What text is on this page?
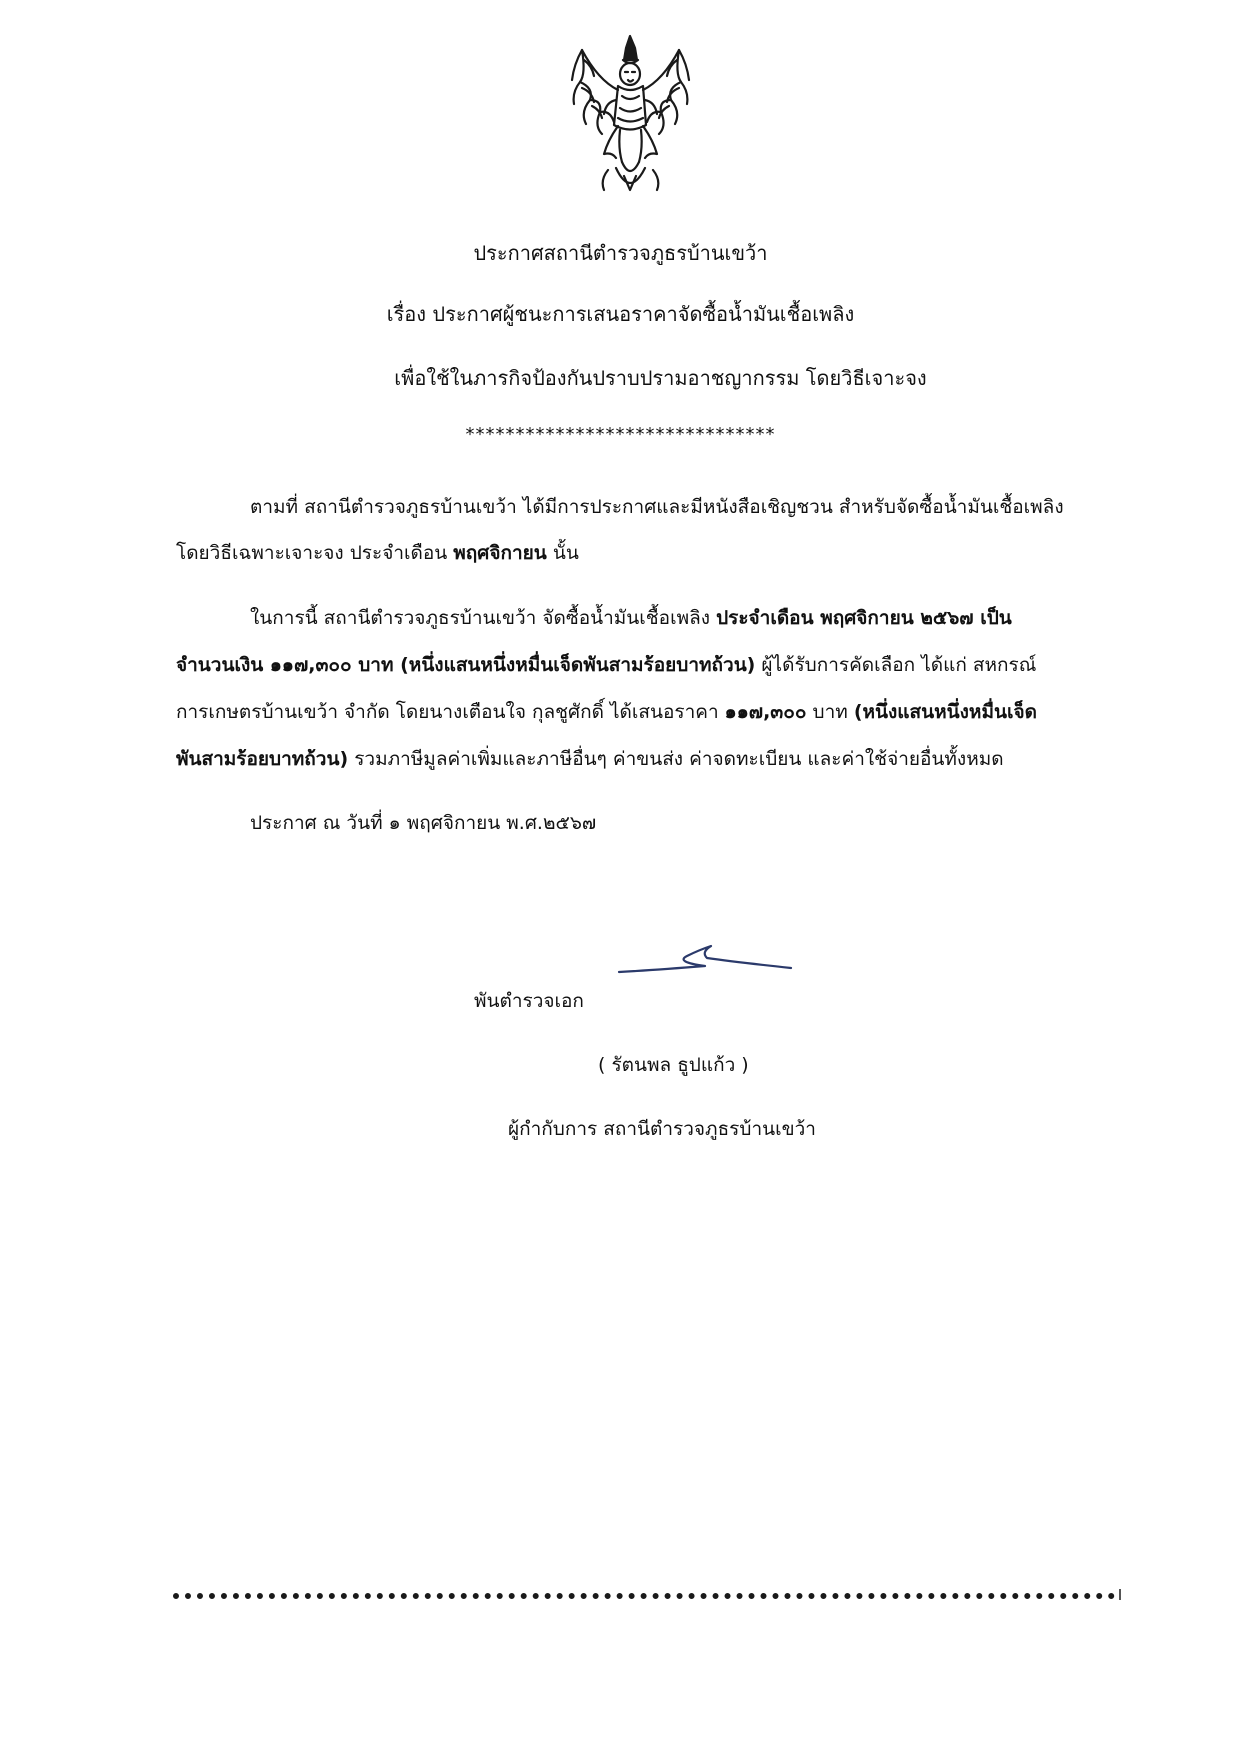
ประกาศสถานีตำรวจภูธรบ้านเขว้า
เรื่อง ประกาศผู้ชนะการเสนอราคาจัดซื้อน้ำมันเชื้อเพลิง
เพื่อใช้ในภารกิจป้องกันปราบปรามอาชญากรรม โดยวิธีเจาะจง
*******************************
ตามที่ สถานีตำรวจภูธรบ้านเขว้า ได้มีการประกาศและมีหนังสือเชิญชวน สำหรับจัดซื้อน้ำมันเชื้อเพลิง
โดยวิธีเฉพาะเจาะจง ประจำเดือน พฤศจิกายน นั้น
ในการนี้ สถานีตำรวจภูธรบ้านเขว้า จัดซื้อน้ำมันเชื้อเพลิง ประจำเดือน พฤศจิกายน ๒๕๖๗ เป็น
จำนวนเงิน ๑๑๗,๓๐๐ บาท (หนึ่งแสนหนึ่งหมื่นเจ็ดพันสามร้อยบาทถ้วน) ผู้ได้รับการคัดเลือก ได้แก่ สหกรณ์
การเกษตรบ้านเขว้า จำกัด โดยนางเตือนใจ กุลชูศักดิ์ ได้เสนอราคา ๑๑๗,๓๐๐ บาท (หนึ่งแสนหนึ่งหมื่นเจ็ด
พันสามร้อยบาทถ้วน) รวมภาษีมูลค่าเพิ่มและภาษีอื่นๆ ค่าขนส่ง ค่าจดทะเบียน และค่าใช้จ่ายอื่นทั้งหมด
ประกาศ ณ วันที่ ๑ พฤศจิกายน พ.ศ.๒๕๖๗
พันตำรวจเอก
( รัตนพล ธูปแก้ว )
ผู้กำกับการ สถานีตำรวจภูธรบ้านเขว้า
